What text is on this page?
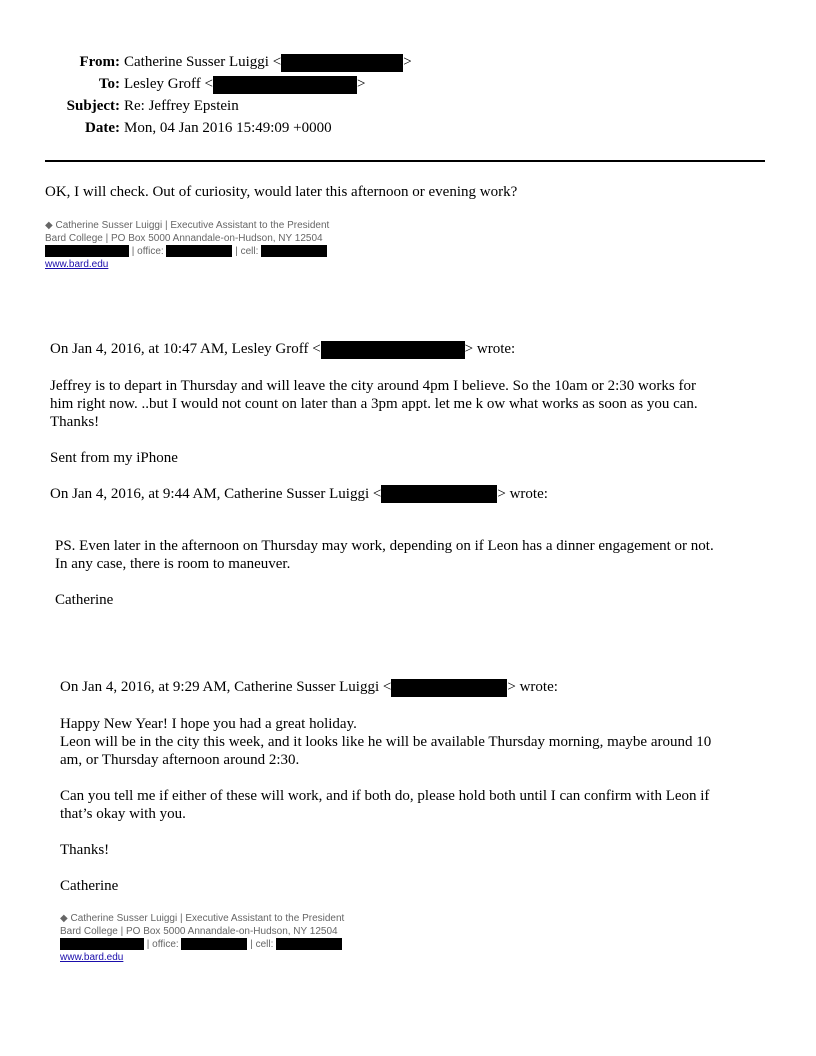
From: Catherine Susser Luiggi <	>
To: Lesley Groff <	>
Subject: Re: Jeffrey Epstein
Date: Mon, 04 Jan 2016 15:49:09 +0000
OK, I will check. Out of curiosity, would later this afternoon or evening work?
◆ Catherine Susser Luiggi | Executive Assistant to the President
Bard College | PO Box 5000 Annandale-on-Hudson, NY 12504
| office:	| cell:
www.bard.edu
On Jan 4, 2016, at 10:47 AM, Lesley Groff <	> wrote:
Jeffrey is to depart in Thursday and will leave the city around 4pm I believe. So the 10am or 2:30 works for
him right now. ..but I would not count on later than a 3pm appt. let me k ow what works as soon as you can.
Thanks!
Sent from my iPhone
On Jan 4, 2016, at 9:44 AM, Catherine Susser Luiggi <	> wrote:
PS. Even later in the afternoon on Thursday may work, depending on if Leon has a dinner engagement or not.
In any case, there is room to maneuver.
Catherine
On Jan 4, 2016, at 9:29 AM, Catherine Susser Luiggi <	> wrote:
Happy New Year! I hope you had a great holiday.
Leon will be in the city this week, and it looks like he will be available Thursday morning, maybe around 10
am, or Thursday afternoon around 2:30.
Can you tell me if either of these will work, and if both do, please hold both until I can confirm with Leon if
that’s okay with you.
Thanks!
Catherine
◆ Catherine Susser Luiggi | Executive Assistant to the President
Bard College | PO Box 5000 Annandale-on-Hudson, NY 12504
| office:	| cell:
www.bard.edu
